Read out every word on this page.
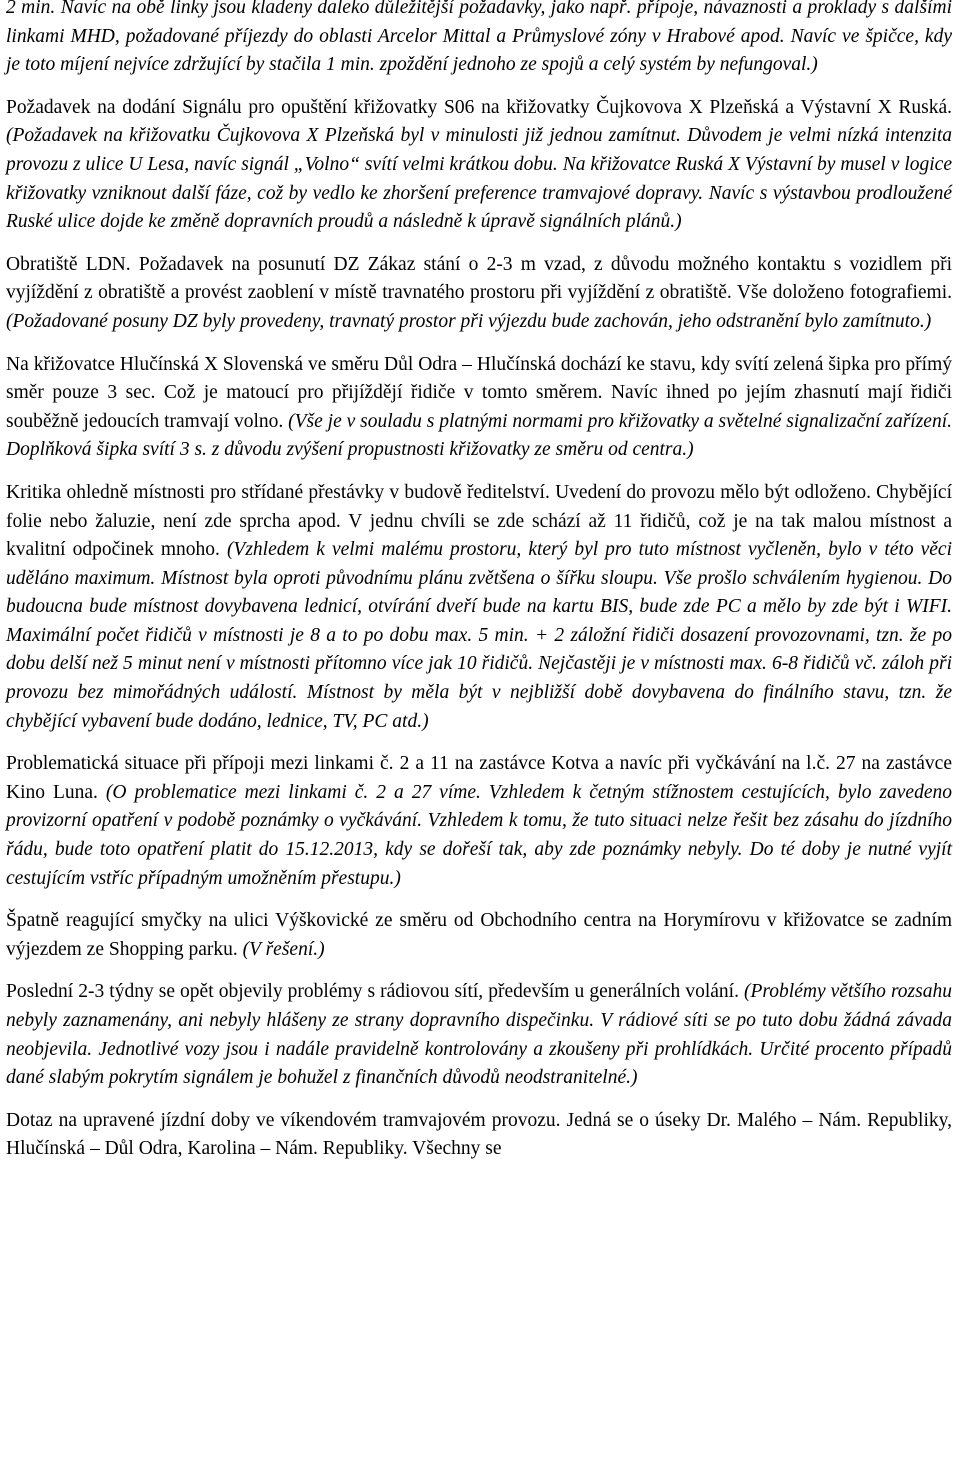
2 min. Navíc na obě linky jsou kladeny daleko důležitější požadavky, jako např. přípoje, návaznosti a proklady s dalšími linkami MHD, požadované příjezdy do oblasti Arcelor Mittal a Průmyslové zóny v Hrabové apod. Navíc ve špičce, kdy je toto míjení nejvíce zdržující by stačila 1 min. zpoždění jednoho ze spojů a celý systém by nefungoval.)

Požadavek na dodání Signálu pro opuštění křižovatky S06 na křižovatky Čujkovova X Plzeňská a Výstavní X Ruská. (Požadavek na křižovatku Čujkovova X Plzeňská byl v minulosti již jednou zamítnut. Důvodem je velmi nízká intenzita provozu z ulice U Lesa, navíc signál „Volno“ svítí velmi krátkou dobu. Na křižovatce Ruská X Výstavní by musel v logice křižovatky vzniknout další fáze, což by vedlo ke zhoršení preference tramvajové dopravy. Navíc s výstavbou prodloužené Ruské ulice dojde ke změně dopravních proudů a následně k úpravě signálních plánů.)

Obratiště LDN. Požadavek na posunutí DZ Zákaz stání o 2-3 m vzad, z důvodu možného kontaktu s vozidlem při vyjíždění z obratiště a provést zaoblení v místě travnatého prostoru při vyjíždění z obratiště. Vše doloženo fotografiemi. (Požadované posuny DZ byly provedeny, travnatý prostor při výjezdu bude zachován, jeho odstranění bylo zamítnuto.)

Na křižovatce Hlučínská X Slovenská ve směru Důl Odra – Hlučínská dochází ke stavu, kdy svítí zelená šipka pro přímý směr pouze 3 sec. Což je matoucí pro přijíždějí řidiče v tomto směrem. Navíc ihned po jejím zhasnutí mají řidiči souběžně jedoucích tramvají volno. (Vše je v souladu s platnými normami pro křižovatky a světelné signalizační zařízení. Doplňková šipka svítí 3 s. z důvodu zvýšení propustnosti křižovatky ze směru od centra.)

Kritika ohledně místnosti pro střídané přestávky v budově ředitelství. Uvedení do provozu mělo být odloženo. Chybějící folie nebo žaluzie, není zde sprcha apod. V jednu chvíli se zde schází až 11 řidičů, což je na tak malou místnost a kvalitní odpočinek mnoho. (Vzhledem k velmi malému prostoru, který byl pro tuto místnost vyčleněn, bylo v této věci uděláno maximum. Místnost byla oproti původnímu plánu zvětšena o šířku sloupu. Vše prošlo schválením hygienou. Do budoucna bude místnost dovybavena lednicí, otvírání dveří bude na kartu BIS, bude zde PC a mělo by zde být i WIFI. Maximální počet řidičů v místnosti je 8 a to po dobu max. 5 min. + 2 záložní řidiči dosazení provozovnami, tzn. že po dobu delší než 5 minut není v místnosti přítomno více jak 10 řidičů. Nejčastěji je v místnosti max. 6-8 řidičů vč. záloh při provozu bez mimořádných událostí. Místnost by měla být v nejbližší době dovybavena do finálního stavu, tzn. že chybějící vybavení bude dodáno, lednice, TV, PC atd.)

Problematická situace při přípoji mezi linkami č. 2 a 11 na zastávce Kotva a navíc při vyčkávání na l.č. 27 na zastávce Kino Luna. (O problematice mezi linkami č. 2 a 27 víme. Vzhledem k četným stížnostem cestujících, bylo zavedeno provizorní opatření v podobě poznámky o vyčkávání. Vzhledem k tomu, že tuto situaci nelze řešit bez zásahu do jízdního řádu, bude toto opatření platit do 15.12.2013, kdy se dořeší tak, aby zde poznámky nebyly. Do té doby je nutné vyjít cestujícím vstříc případným umožněním přestupu.)

Špatně reagující smyčky na ulici Výškovické ze směru od Obchodního centra na Horymírovu v křižovatce se zadním výjezdem ze Shopping parku. (V řešení.)

Poslední 2-3 týdny se opět objevily problémy s rádiovou sítí, především u generálních volání. (Problémy většího rozsahu nebyly zaznamenány, ani nebyly hlášeny ze strany dopravního dispečinku. V rádiové síti se po tuto dobu žádná závada neobjevila. Jednotlivé vozy jsou i nadále pravidelně kontrolovány a zkoušeny při prohlídkách. Určité procento případů dané slabým pokrytím signálem je bohužel z finančních důvodů neodstranitelné.)

Dotaz na upravené jízdní doby ve víkendovém tramvajovém provozu. Jedná se o úseky Dr. Malého – Nám. Republiky, Hlučínská – Důl Odra, Karolina – Nám. Republiky. Všechny se
